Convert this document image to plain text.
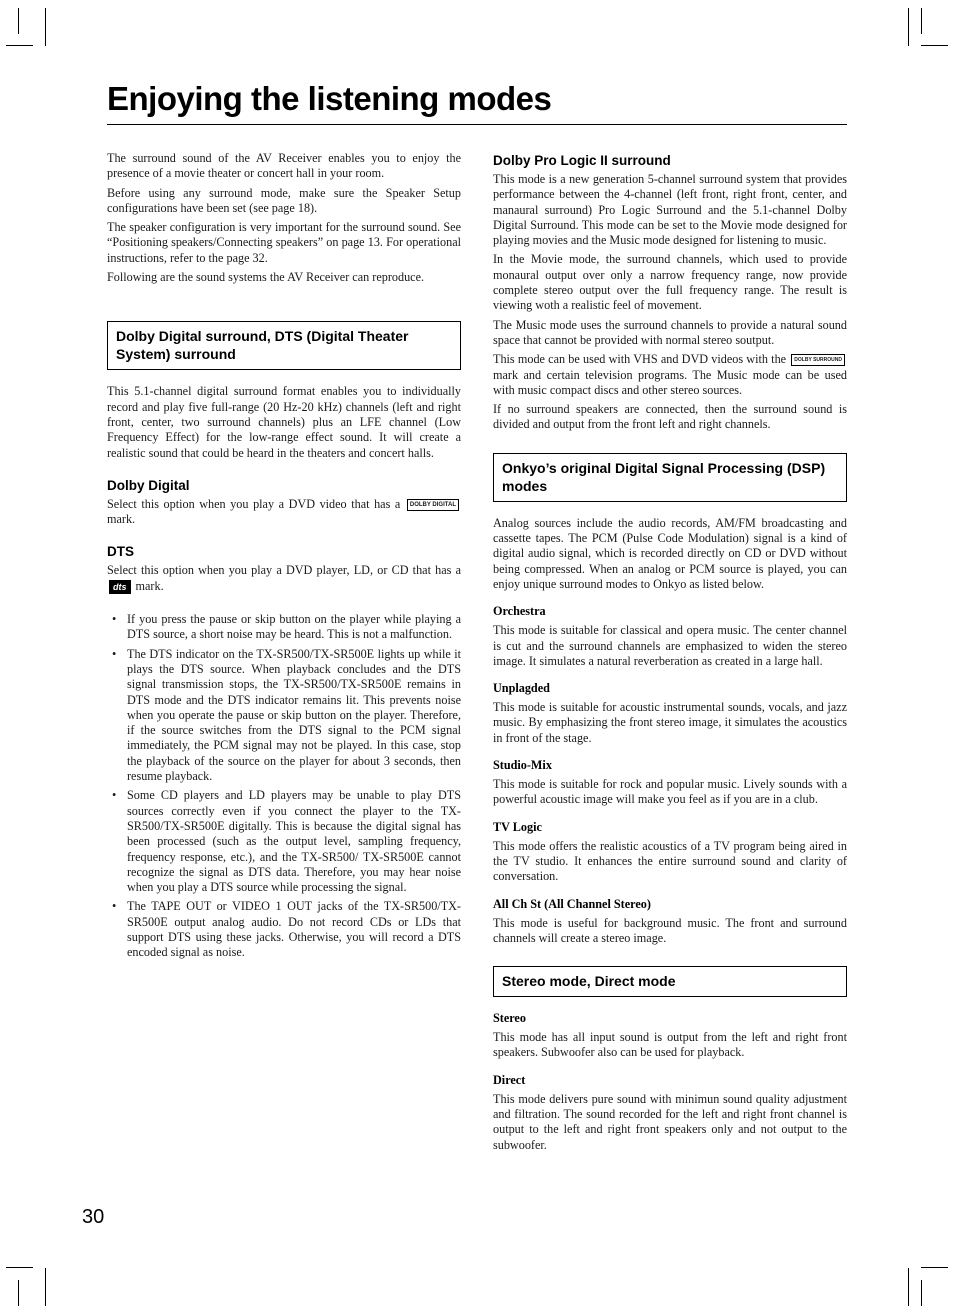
Enjoying the listening modes

The surround sound of the AV Receiver enables you to enjoy the presence of a movie theater or concert hall in your room.

Before using any surround mode, make sure the Speaker Setup configurations have been set (see page 18).

The speaker configuration is very important for the surround sound. See “Positioning speakers/Connecting speakers” on page 13. For operational instructions, refer to the page 32.

Following are the sound systems the AV Receiver can reproduce.

Dolby Digital surround, DTS (Digital Theater System) surround

This 5.1-channel digital surround format enables you to individually record and play five full-range (20 Hz-20 kHz) channels (left and right front, center, two surround channels) plus an LFE channel (Low Frequency Effect) for the low-range effect sound. It will create a realistic sound that could be heard in the theaters and concert halls.

Dolby Digital

Select this option when you play a DVD video that has a DOLBY DIGITAL mark.

DTS

Select this option when you play a DVD player, LD, or CD that has a dts mark.

• If you press the pause or skip button on the player while playing a DTS source, a short noise may be heard. This is not a malfunction.
• The DTS indicator on the TX-SR500/TX-SR500E lights up while it plays the DTS source. When playback concludes and the DTS signal transmission stops, the TX-SR500/TX-SR500E remains in DTS mode and the DTS indicator remains lit. This prevents noise when you operate the pause or skip button on the player. Therefore, if the source switches from the DTS signal to the PCM signal immediately, the PCM signal may not be played. In this case, stop the playback of the source on the player for about 3 seconds, then resume playback.
• Some CD players and LD players may be unable to play DTS sources correctly even if you connect the player to the TX-SR500/TX-SR500E digitally. This is because the digital signal has been processed (such as the output level, sampling frequency, frequency response, etc.), and the TX-SR500/ TX-SR500E cannot recognize the signal as DTS data. Therefore, you may hear noise when you play a DTS source while processing the signal.
• The TAPE OUT or VIDEO 1 OUT jacks of the TX-SR500/TX-SR500E output analog audio. Do not record CDs or LDs that support DTS using these jacks. Otherwise, you will record a DTS encoded signal as noise.
Dolby Pro Logic II surround

This mode is a new generation 5-channel surround system that provides performance between the 4-channel (left front, right front, center, and manaural surround) Pro Logic Surround and the 5.1-channel Dolby Digital Surround. This mode can be set to the Movie mode designed for playing movies and the Music mode designed for listening to music.

In the Movie mode, the surround channels, which used to provide monaural output over only a narrow frequency range, now provide complete stereo output over the full frequency range. The result is viewing woth a realistic feel of movement.

The Music mode uses the surround channels to provide a natural sound space that cannot be provided with normal stereo soutput.

This mode can be used with VHS and DVD videos with the DOLBY SURROUND mark and certain television programs. The Music mode can be used with music compact discs and other stereo sources.

If no surround speakers are connected, then the surround sound is divided and output from the front left and right channels.

Onkyo’s original Digital Signal Processing (DSP) modes

Analog sources include the audio records, AM/FM broadcasting and cassette tapes. The PCM (Pulse Code Modulation) signal is a kind of digital audio signal, which is recorded directly on CD or DVD without being compressed. When an analog or PCM source is played, you can enjoy unique surround modes to Onkyo as listed below.

Orchestra

This mode is suitable for classical and opera music. The center channel is cut and the surround channels are emphasized to widen the stereo image. It simulates a natural reverberation as created in a large hall.

Unplagded

This mode is suitable for acoustic instrumental sounds, vocals, and jazz music. By emphasizing the front stereo image, it simulates the acoustics in front of the stage.

Studio-Mix

This mode is suitable for rock and popular music. Lively sounds with a powerful acoustic image will make you feel as if you are in a club.

TV Logic

This mode offers the realistic acoustics of a TV program being aired in the TV studio. It enhances the entire surround sound and clarity of conversation.

All Ch St (All Channel Stereo)

This mode is useful for background music. The front and surround channels will create a stereo image.

Stereo mode, Direct mode
Stereo

This mode has all input sound is output from the left and right front speakers. Subwoofer also can be used for playback.

Direct

This mode delivers pure sound with minimun sound quality adjustment and filtration. The sound recorded for the left and right front channel is output to the left and right front speakers only and not output to the subwoofer.

30
